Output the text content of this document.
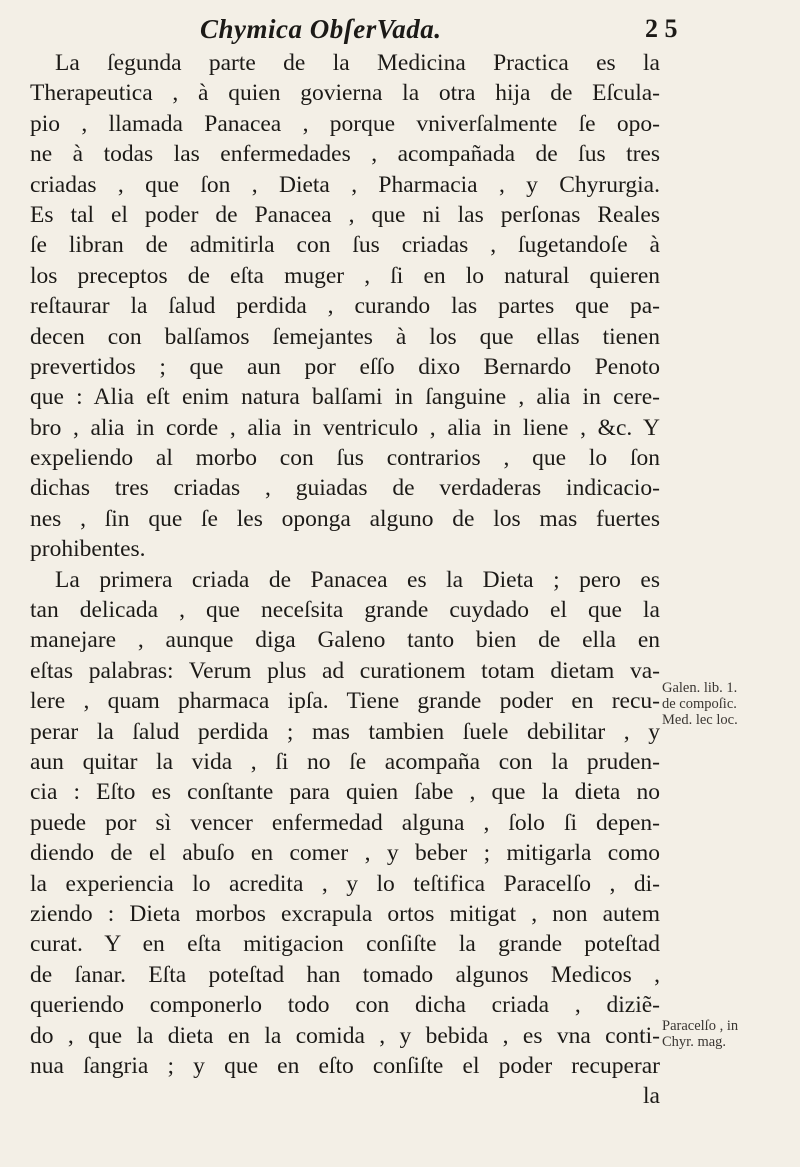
Chymica ObſerVada.	2 5
La ſegunda parte de la Medicina Practica es la
Therapeutica , à quien govierna la otra hija de Eſcula-
pio , llamada Panacea , porque vniverſalmente ſe opo-
ne à todas las enfermedades , acompañada de ſus tres
criadas , que ſon , Dieta , Pharmacia , y Chyrurgia.
Es tal el poder de Panacea , que ni las perſonas Reales
ſe libran de admitirla con ſus criadas , ſugetandoſe à
los preceptos de eſta muger , ſi en lo natural quieren
reſtaurar la ſalud perdida , curando las partes que pa-
decen con balſamos ſemejantes à los que ellas tienen
prevertidos ; que aun por eſſo dixo Bernardo Penoto
que : Alia eſt enim natura balſami in ſanguine , alia in cere-
bro , alia in corde , alia in ventriculo , alia in liene , &c. Y
expeliendo al morbo con ſus contrarios , que lo ſon
dichas tres criadas , guiadas de verdaderas indicacio-
nes , ſin que ſe les oponga alguno de los mas fuertes
prohibentes.
La primera criada de Panacea es la Dieta ; pero es
tan delicada , que neceſsita grande cuydado el que la
manejare , aunque diga Galeno tanto bien de ella en
eſtas palabras: Verum plus ad curationem totam dietam va-
lere , quam pharmaca ipſa. Tiene grande poder en recu-
perar la ſalud perdida ; mas tambien ſuele debilitar , y
aun quitar la vida , ſi no ſe acompaña con la pruden-
cia : Eſto es conſtante para quien ſabe , que la dieta no
puede por sì vencer enfermedad alguna , ſolo ſi depen-
diendo de el abuſo en comer , y beber ; mitigarla como
la experiencia lo acredita , y lo teſtifica Paracelſo , di-
ziendo : Dieta morbos excrapula ortos mitigat , non autem
curat. Y en eſta mitigacion conſiſte la grande poteſtad
de ſanar. Eſta poteſtad han tomado algunos Medicos ,
queriendo componerlo todo con dicha criada , diziẽ-
do , que la dieta en la comida , y bebida , es vna conti-
nua ſangria ; y que en eſto conſiſte el poder recuperar
la
Galen. lib. 1.
de compoſic.
Med. lec loc.
Paracelſo , in
Chyr. mag.
